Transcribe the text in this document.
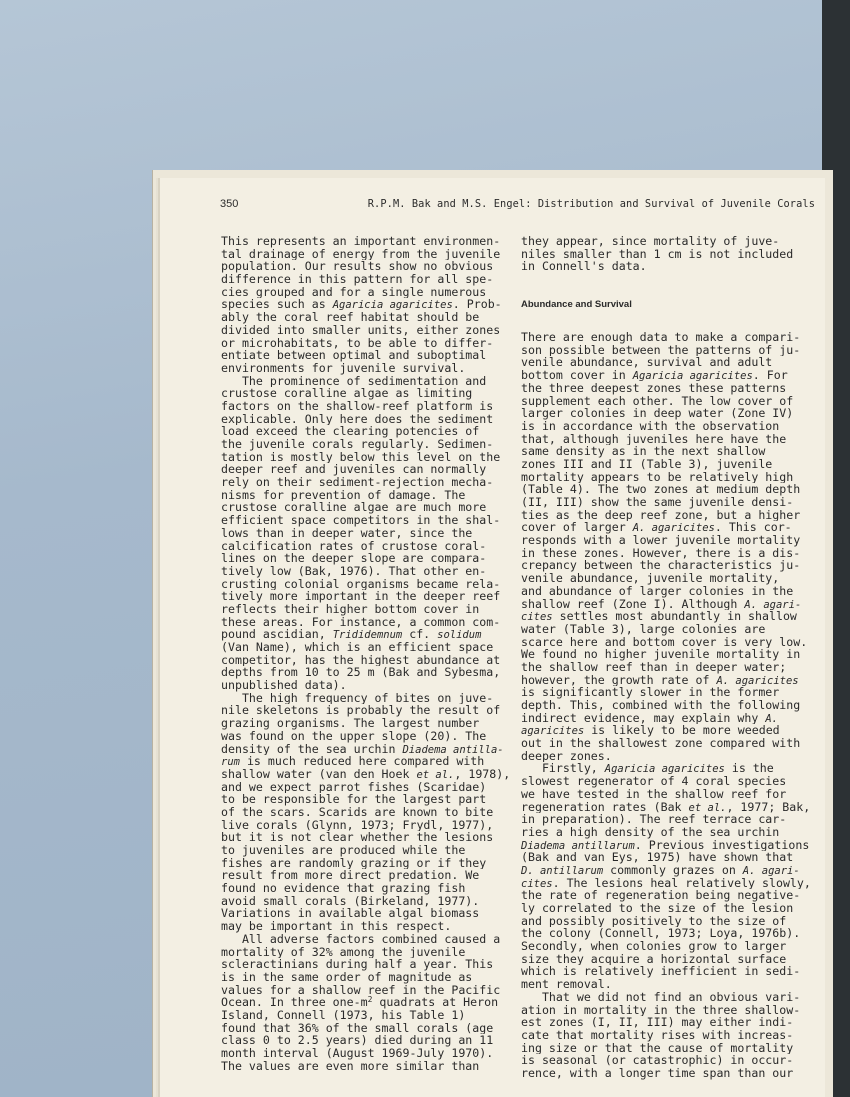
350	R.P.M. Bak and M.S. Engel: Distribution and Survival of Juvenile Corals
This represents an important environmen-
tal drainage of energy from the juvenile
population. Our results show no obvious
difference in this pattern for all spe-
cies grouped and for a single numerous
species such as Agaricia agaricites. Prob-
ably the coral reef habitat should be
divided into smaller units, either zones
or microhabitats, to be able to differ-
entiate between optimal and suboptimal
environments for juvenile survival.
The prominence of sedimentation and
crustose coralline algae as limiting
factors on the shallow-reef platform is
explicable. Only here does the sediment
load exceed the clearing potencies of
the juvenile corals regularly. Sedimen-
tation is mostly below this level on the
deeper reef and juveniles can normally
rely on their sediment-rejection mecha-
nisms for prevention of damage. The
crustose coralline algae are much more
efficient space competitors in the shal-
lows than in deeper water, since the
calcification rates of crustose coral-
lines on the deeper slope are compara-
tively low (Bak, 1976). That other en-
crusting colonial organisms became rela-
tively more important in the deeper reef
reflects their higher bottom cover in
these areas. For instance, a common com-
pound ascidian, Trididemnum cf. solidum
(Van Name), which is an efficient space
competitor, has the highest abundance at
depths from 10 to 25 m (Bak and Sybesma,
unpublished data).
The high frequency of bites on juve-
nile skeletons is probably the result of
grazing organisms. The largest number
was found on the upper slope (20). The
density of the sea urchin Diadema antilla-
rum is much reduced here compared with
shallow water (van den Hoek et al., 1978),
and we expect parrot fishes (Scaridae)
to be responsible for the largest part
of the scars. Scarids are known to bite
live corals (Glynn, 1973; Frydl, 1977),
but it is not clear whether the lesions
to juveniles are produced while the
fishes are randomly grazing or if they
result from more direct predation. We
found no evidence that grazing fish
avoid small corals (Birkeland, 1977).
Variations in available algal biomass
may be important in this respect.
All adverse factors combined caused a
mortality of 32% among the juvenile
scleractinians during half a year. This
is in the same order of magnitude as
values for a shallow reef in the Pacific
Ocean. In three one-$m^2$ quadrats at Heron
Island, Connell (1973, his Table 1)
found that 36% of the small corals (age
class 0 to 2.5 years) died during an 11
month interval (August 1969-July 1970).
The values are even more similar than
they appear, since mortality of juve-
niles smaller than 1 cm is not included
in Connell's data.
Abundance and Survival
There are enough data to make a compari-
son possible between the patterns of ju-
venile abundance, survival and adult
bottom cover in Agaricia agaricites. For
the three deepest zones these patterns
supplement each other. The low cover of
larger colonies in deep water (Zone IV)
is in accordance with the observation
that, although juveniles here have the
same density as in the next shallow
zones III and II (Table 3), juvenile
mortality appears to be relatively high
(Table 4). The two zones at medium depth
(II, III) show the same juvenile densi-
ties as the deep reef zone, but a higher
cover of larger A. agaricites. This cor-
responds with a lower juvenile mortality
in these zones. However, there is a dis-
crepancy between the characteristics ju-
venile abundance, juvenile mortality,
and abundance of larger colonies in the
shallow reef (Zone I). Although A. agari-
cites settles most abundantly in shallow
water (Table 3), large colonies are
scarce here and bottom cover is very low.
We found no higher juvenile mortality in
the shallow reef than in deeper water;
however, the growth rate of A. agaricites
is significantly slower in the former
depth. This, combined with the following
indirect evidence, may explain why A.
agaricites is likely to be more weeded
out in the shallowest zone compared with
deeper zones.
Firstly, Agaricia agaricites is the
slowest regenerator of 4 coral species
we have tested in the shallow reef for
regeneration rates (Bak et al., 1977; Bak,
in preparation). The reef terrace car-
ries a high density of the sea urchin
Diadema antillarum. Previous investigations
(Bak and van Eys, 1975) have shown that
D. antillarum commonly grazes on A. agari-
cites. The lesions heal relatively slowly,
the rate of regeneration being negative-
ly correlated to the size of the lesion
and possibly positively to the size of
the colony (Connell, 1973; Loya, 1976b).
Secondly, when colonies grow to larger
size they acquire a horizontal surface
which is relatively inefficient in sedi-
ment removal.
That we did not find an obvious vari-
ation in mortality in the three shallow-
est zones (I, II, III) may either indi-
cate that mortality rises with increas-
ing size or that the cause of mortality
is seasonal (or catastrophic) in occur-
rence, with a longer time span than our
